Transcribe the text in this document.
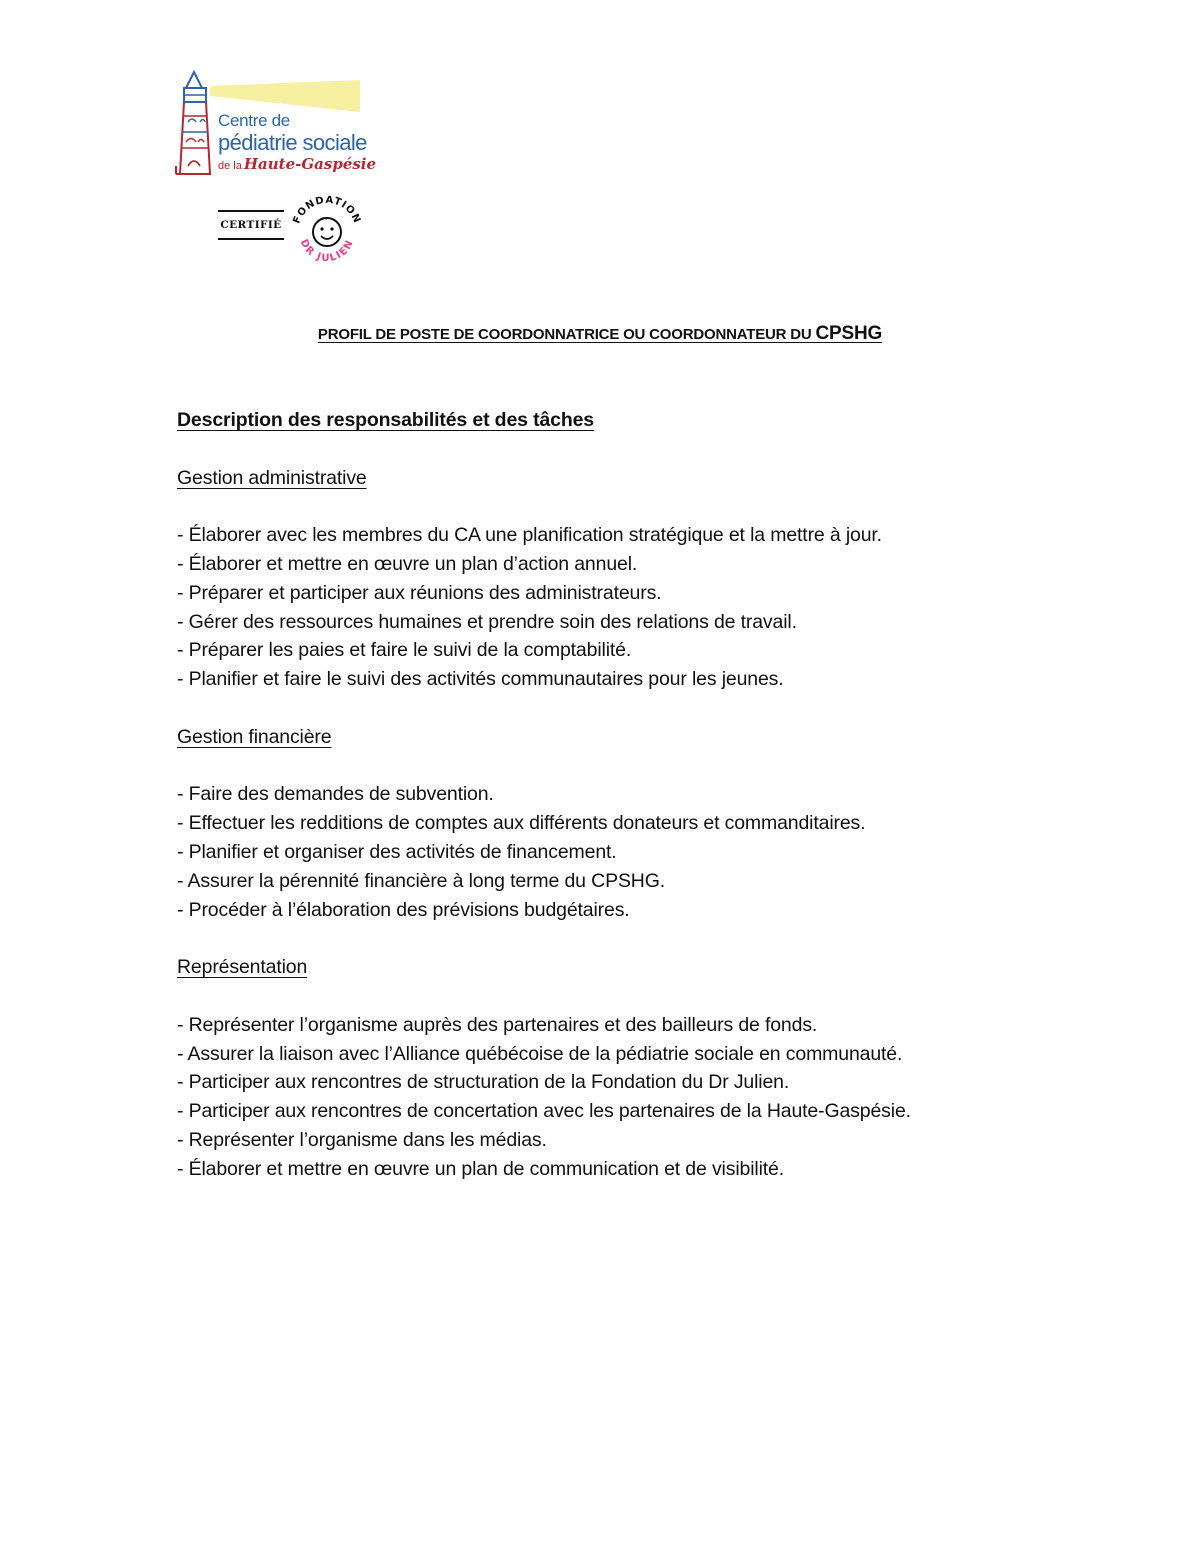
Centre de
pédiatrie sociale
de la Haute-Gaspésie
CERTIFIÉ FONDATION
DR JULIEN
PROFIL DE POSTE DE COORDONNATRICE OU COORDONNATEUR DU CPSHG

Description des responsabilités et des tâches

Gestion administrative

- Élaborer avec les membres du CA une planification stratégique et la mettre à jour.
- Élaborer et mettre en œuvre un plan d’action annuel.
- Préparer et participer aux réunions des administrateurs.
- Gérer des ressources humaines et prendre soin des relations de travail.
- Préparer les paies et faire le suivi de la comptabilité.
- Planifier et faire le suivi des activités communautaires pour les jeunes.

Gestion financière

- Faire des demandes de subvention.
- Effectuer les redditions de comptes aux différents donateurs et commanditaires.
- Planifier et organiser des activités de financement.
- Assurer la pérennité financière à long terme du CPSHG.
- Procéder à l’élaboration des prévisions budgétaires.

Représentation

- Représenter l’organisme auprès des partenaires et des bailleurs de fonds.
- Assurer la liaison avec l’Alliance québécoise de la pédiatrie sociale en communauté.
- Participer aux rencontres de structuration de la Fondation du Dr Julien.
- Participer aux rencontres de concertation avec les partenaires de la Haute-Gaspésie.
- Représenter l’organisme dans les médias.
- Élaborer et mettre en œuvre un plan de communication et de visibilité.
